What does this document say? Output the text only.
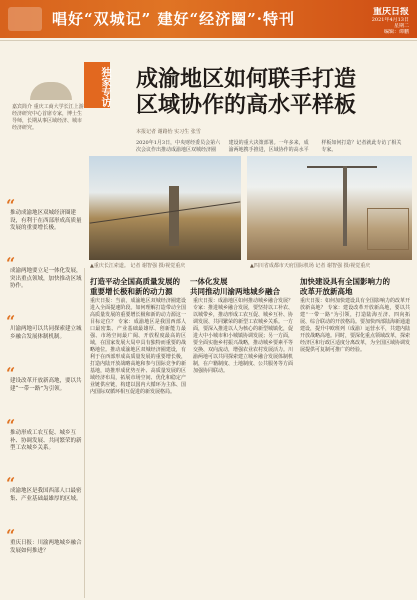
唱好“双城记” 建好“经济圈”·特刊	重庆日报
2021年4月13日
星期二
编辑：谭鹏
嘉宾简介 重庆工商大学长江上游经济研究中心首席专家，博士生导师，长期从事区域经济、城市经济研究。
独家专访 成渝地区如何联手打造
区域协作的高水平样板
本报记者 谢路怡 实习生 张雪
2020年1月3日，中央财经委员会第六次会议作出推动成渝地区双城经济圈建设的重大决策部署。一年多来，成渝两地携手推进，区域协作的高水平样板如何打造？记者就此专访了相关专家。
▲重庆长江索道。 记者 谢智强 摄/视觉重庆	▲四川省成都市天府国际机场 记者 谢智强 摄/视觉重庆
打造平动全国高质量发展的
重要增长极和新的动力源
一体化发展
共同推动川渝两地城乡融合
加快建设具有全国影响力的
改革开放新高地
重庆日报：当前，成渝地区双城经济圈建设进入全面提速阶段。如何理解打造带动全国高质量发展的重要增长极和新的动力源这一目标定位？ 专家：成渝地区是我国西部人口最密集、产业基础最雄厚、创新能力最强、市场空间最广阔、开放程度最高的区域，在国家发展大局中具有独特而重要的战略地位。推动成渝地区双城经济圈建设，有利于在西部形成高质量发展的重要增长极，打造内陆开放战略高地和参与国际竞争的新基地，助推形成优势互补、高质量发展的区域经济布局，拓展市场空间、优化和稳定产业链供应链，构建以国内大循环为主体、国内国际双循环相互促进的新发展格局。
重庆日报：成渝地区如何推动城乡融合发展？ 专家：推进城乡融合发展，要坚持以工补农、以城带乡，推动形成工农互促、城乡互补、协调发展、共同繁荣的新型工农城乡关系。一方面，要深入推进以人为核心的新型城镇化，促进大中小城市和小城镇协调发展；另一方面，要全面实施乡村振兴战略，推动城乡要素平等交换、双向流动，增强农业农村发展活力。川渝两地可以共同探索建立城乡融合发展体制机制，在户籍制度、土地制度、公共服务等方面加强协同联动。
重庆日报：如何加快建设具有全国影响力的改革开放新高地？ 专家：建设改革开放新高地，要以共建“一带一路”为引领，打造陆海互济、四向拓展、综合联动的开放格局。要加快西部陆海新通道建设，提升中欧班列（成渝）运营水平，共建内陆开放战略高地。同时，要深化重点领域改革，探索经济区和行政区适度分离改革，为全国区域协调发展提供可复制可推广的经验。
“
推动成渝地区双城经济圈建设，有利于在西部形成高质量发展的重要增长极。
“
成渝两地要立足一体化发展，突出重点领域，加快推动区域协作。
“
川渝两地可以共同探索建立城乡融合发展体制机制。
“
建设改革开放新高地，要以共建“一带一路”为引领。
“
推动形成工农互促、城乡互补、协调发展、共同繁荣的新型工农城乡关系。
“
成渝地区是我国西部人口最密集、产业基础最雄厚的区域。
“
重庆日报：川渝两地城乡融合发展如何推进？
